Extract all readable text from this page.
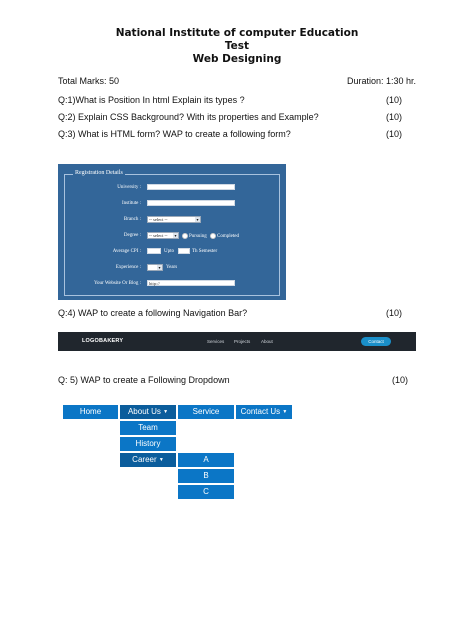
National Institute of computer Education
Test
Web Designing
Total Marks: 50	Duration: 1:30 hr.
Q:1)What is Position In html Explain its types ?	(10)
Q:2) Explain CSS Background? With its properties and Example?	(10)
Q:3) What is HTML form? WAP to create a following form?	(10)
Registration Details
University :
Institute :
Branch :	-- select --	▾
Degree :	-- select --	▾	Pursuing	Completed
Average CPI :	Upto	Th Semester
Experience :	▾	Years
Your Website Or Blog :	http://
Q:4) WAP to create a following Navigation Bar?	(10)
LOGOBAKERY	Services Projects About	Contact
Q: 5) WAP to create a Following Dropdown	(10)
Home	About Us ▼	Service	Contact Us ▼
Team
History
Career ▼	A
B
C
